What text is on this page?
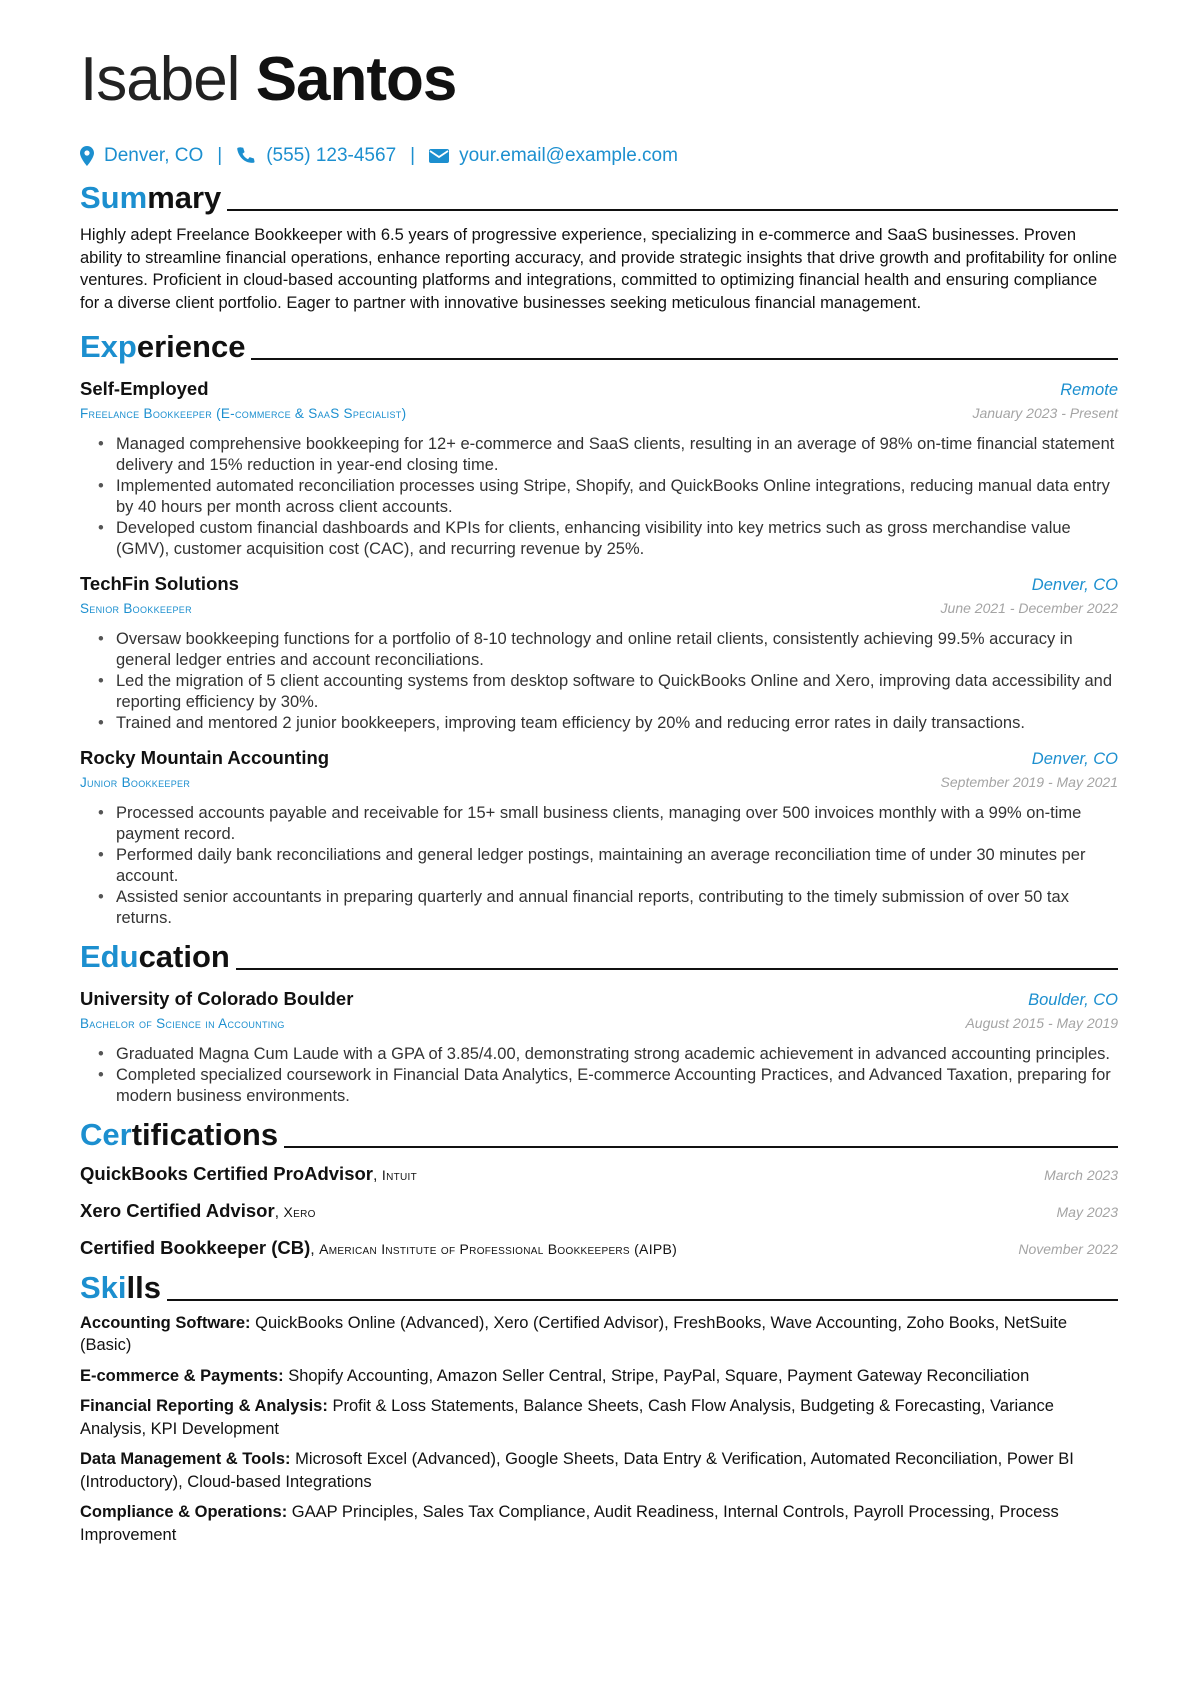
Isabel Santos
Denver, CO | (555) 123-4567 | your.email@example.com
Summary
Highly adept Freelance Bookkeeper with 6.5 years of progressive experience, specializing in e-commerce and SaaS businesses. Proven ability to streamline financial operations, enhance reporting accuracy, and provide strategic insights that drive growth and profitability for online ventures. Proficient in cloud-based accounting platforms and integrations, committed to optimizing financial health and ensuring compliance for a diverse client portfolio. Eager to partner with innovative businesses seeking meticulous financial management.
Experience
Self-Employed	Remote
Freelance Bookkeeper (E-commerce & SaaS Specialist)	January 2023 - Present
• Managed comprehensive bookkeeping for 12+ e-commerce and SaaS clients, resulting in an average of 98% on-time financial statement delivery and 15% reduction in year-end closing time.
• Implemented automated reconciliation processes using Stripe, Shopify, and QuickBooks Online integrations, reducing manual data entry by 40 hours per month across client accounts.
• Developed custom financial dashboards and KPIs for clients, enhancing visibility into key metrics such as gross merchandise value (GMV), customer acquisition cost (CAC), and recurring revenue by 25%.
TechFin Solutions	Denver, CO
Senior Bookkeeper	June 2021 - December 2022
• Oversaw bookkeeping functions for a portfolio of 8-10 technology and online retail clients, consistently achieving 99.5% accuracy in general ledger entries and account reconciliations.
• Led the migration of 5 client accounting systems from desktop software to QuickBooks Online and Xero, improving data accessibility and reporting efficiency by 30%.
• Trained and mentored 2 junior bookkeepers, improving team efficiency by 20% and reducing error rates in daily transactions.
Rocky Mountain Accounting	Denver, CO
Junior Bookkeeper	September 2019 - May 2021
• Processed accounts payable and receivable for 15+ small business clients, managing over 500 invoices monthly with a 99% on-time payment record.
• Performed daily bank reconciliations and general ledger postings, maintaining an average reconciliation time of under 30 minutes per account.
• Assisted senior accountants in preparing quarterly and annual financial reports, contributing to the timely submission of over 50 tax returns.
Education
University of Colorado Boulder	Boulder, CO
Bachelor of Science in Accounting	August 2015 - May 2019
• Graduated Magna Cum Laude with a GPA of 3.85/4.00, demonstrating strong academic achievement in advanced accounting principles.
• Completed specialized coursework in Financial Data Analytics, E-commerce Accounting Practices, and Advanced Taxation, preparing for modern business environments.
Certifications
QuickBooks Certified ProAdvisor, Intuit	March 2023
Xero Certified Advisor, Xero	May 2023
Certified Bookkeeper (CB), American Institute of Professional Bookkeepers (AIPB)	November 2022
Skills
Accounting Software: QuickBooks Online (Advanced), Xero (Certified Advisor), FreshBooks, Wave Accounting, Zoho Books, NetSuite (Basic)
E-commerce & Payments: Shopify Accounting, Amazon Seller Central, Stripe, PayPal, Square, Payment Gateway Reconciliation
Financial Reporting & Analysis: Profit & Loss Statements, Balance Sheets, Cash Flow Analysis, Budgeting & Forecasting, Variance Analysis, KPI Development
Data Management & Tools: Microsoft Excel (Advanced), Google Sheets, Data Entry & Verification, Automated Reconciliation, Power BI (Introductory), Cloud-based Integrations
Compliance & Operations: GAAP Principles, Sales Tax Compliance, Audit Readiness, Internal Controls, Payroll Processing, Process Improvement
